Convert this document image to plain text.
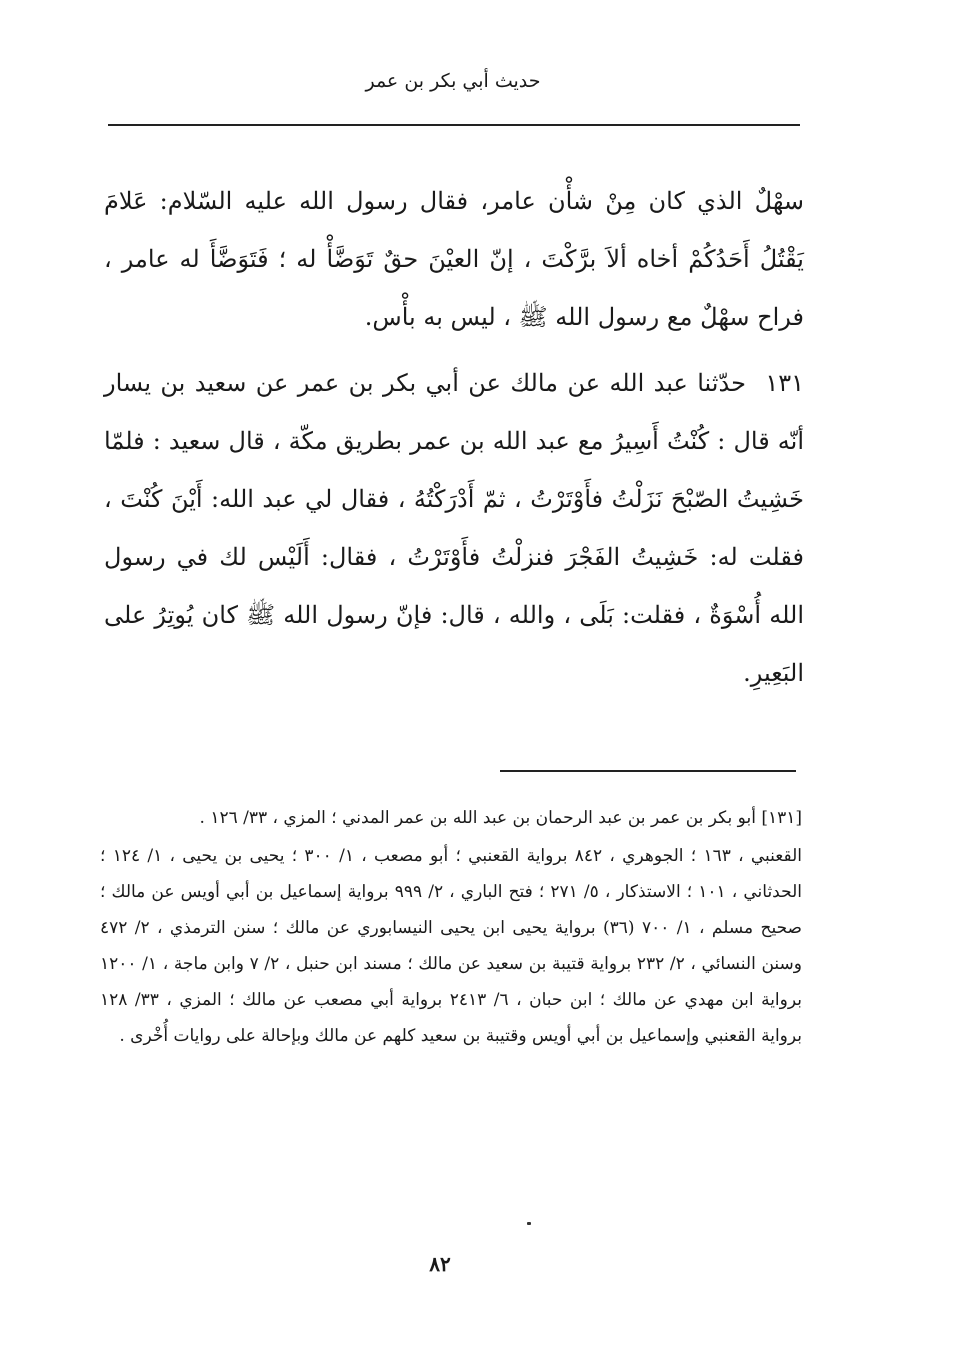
حديث أبي بكر بن عمر

سهْلٌ الذي كان مِنْ شأْن عامر، فقال رسول الله عليه السّلام: عَلامَ يَقْتُلُ أَحَدُكُمْ أخاه ألاَ برَّكْتَ ، إنّ العيْنَ حقٌ تَوَضَّأْ له ؛ فَتَوَضَّأَ له عامر ، فراح سهْلٌ مع رسول الله ﷺ ، ليس به بأْس.

١٣١ حدّثنا عبد الله عن مالك عن أبي بكر بن عمر عن سعيد بن يسار أنّه قال : كُنْتُ أَسِيرُ مع عبد الله بن عمر بطريق مكّة ، قال سعيد : فلمّا خَشِيتُ الصّبْحَ نَزَلْتُ فأَوْتَرْتُ ، ثمّ أَدْرَكْتُهُ ، فقال لي عبد الله: أَيْنَ كُنْتَ ، فقلت له: خَشِيتُ الفَجْرَ فنزلْتُ فأَوْتَرْتُ ، فقال: أَلَيْس لك في رسول الله أُسْوَةٌ ، فقلت: بَلَى ، والله ، قال: فإنّ رسول الله ﷺ كان يُوتِرُ على البَعِيرِ.

[١٣١] أبو بكر بن عمر بن عبد الرحمان بن عبد الله بن عمر المدني ؛ المزي ، ٣٣/ ١٢٦ .

القعنبي ، ١٦٣ ؛ الجوهري ، ٨٤٢ برواية القعنبي ؛ أبو مصعب ، ١/ ٣٠٠ ؛ يحيى بن يحيى ، ١/ ١٢٤ ؛ الحدثاني ، ١٠١ ؛ الاستذكار ، ٥/ ٢٧١ ؛ فتح الباري ، ٢/ ٩٩٩ برواية إسماعيل بن أبي أويس عن مالك ؛ صحيح مسلم ، ١/ ٧٠٠ (٣٦) برواية يحيى ابن يحيى النيسابوري عن مالك ؛ سنن الترمذي ، ٢/ ٤٧٢ وسنن النسائي ، ٢/ ٢٣٢ برواية قتيبة بن سعيد عن مالك ؛ مسند ابن حنبل ، ٢/ ٧ وابن ماجة ، ١/ ١٢٠٠ برواية ابن مهدي عن مالك ؛ ابن حبان ، ٦/ ٢٤١٣ برواية أبي مصعب عن مالك ؛ المزي ، ٣٣/ ١٢٨ برواية القعنبي وإسماعيل بن أبي أويس وقتيبة بن سعيد كلهم عن مالك وبإحالة على روايات أُخْرى .

٨٢
